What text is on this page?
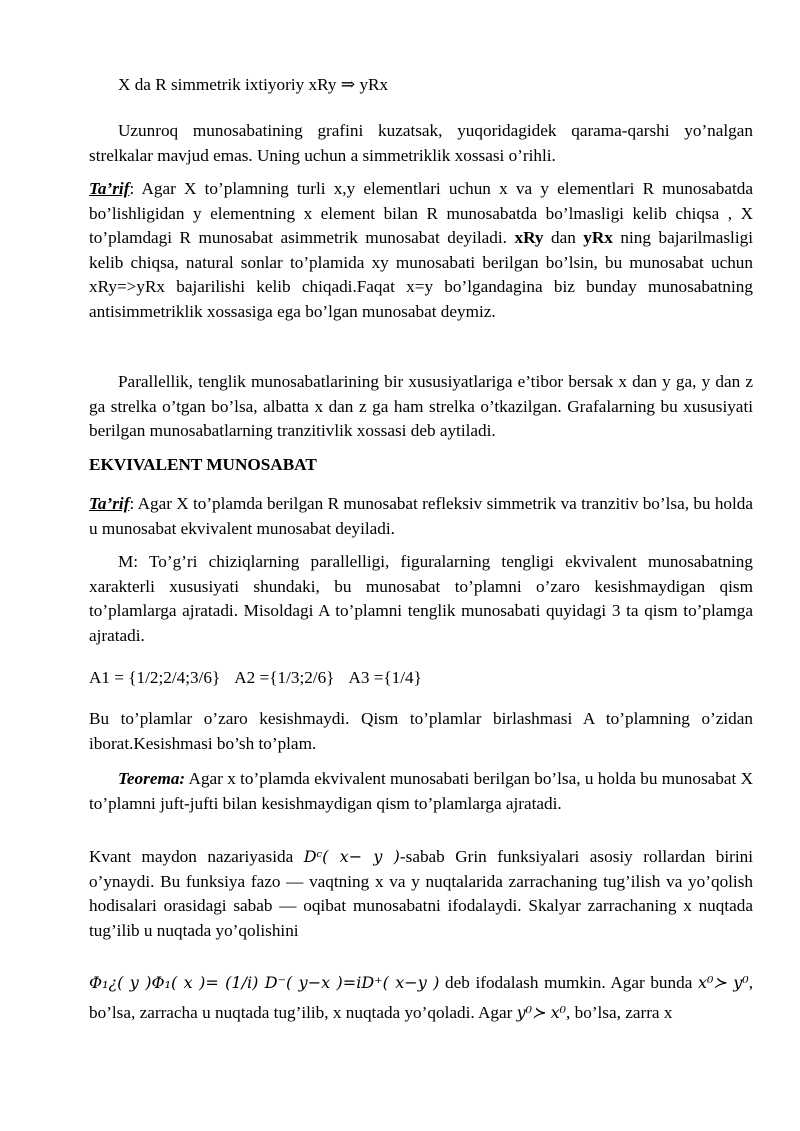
X da R simmetrik ixtiyoriy xRy ⇒ yRx

Uzunroq munosabatining grafini kuzatsak, yuqoridagidek qarama-qarshi yo’nalgan strelkalar mavjud emas. Uning uchun a simmetriklik xossasi o’rihli.

Ta’rif: Agar X to’plamning turli x,y elementlari uchun x va y elementlari R munosabatda bo’lishligidan y elementning x element bilan R munosabatda bo’lmasligi kelib chiqsa , X to’plamdagi R munosabat asimmetrik munosabat deyiladi. xRy dan yRx ning bajarilmasligi kelib chiqsa, natural sonlar to’plamida xy munosabati berilgan bo’lsin, bu munosabat uchun xRy=>yRx bajarilishi kelib chiqadi.Faqat x=y bo’lgandagina biz bunday munosabatning antisimmetriklik xossasiga ega bo’lgan munosabat deymiz.

Parallellik, tenglik munosabatlarining bir xususiyatlariga e’tibor bersak x dan y ga, y dan z ga strelka o’tgan bo’lsa, albatta x dan z ga ham strelka o’tkazilgan. Grafalarning bu xususiyati berilgan munosabatlarning tranzitivlik xossasi deb aytiladi.

EKVIVALENT MUNOSABAT

Ta’rif: Agar X to’plamda berilgan R munosabat refleksiv simmetrik va tranzitiv bo’lsa, bu holda u munosabat ekvivalent munosabat deyiladi.

M: To’g’ri chiziqlarning parallelligi, figuralarning tengligi ekvivalent munosabatning xarakterli xususiyati shundaki, bu munosabat to’plamni o’zaro kesishmaydigan qism to’plamlarga ajratadi. Misoldagi A to’plamni tenglik munosabati quyidagi 3 ta qism to’plamga ajratadi.

A1 = {1/2;2/4;3/6} A2 ={1/3;2/6} A3 ={1/4}

Bu to’plamlar o’zaro kesishmaydi. Qism to’plamlar birlashmasi A to’plamning o’zidan iborat.Kesishmasi bo’sh to’plam.

Teorema: Agar x to’plamda ekvivalent munosabati berilgan bo’lsa, u holda bu munosabat X to’plamni juft-jufti bilan kesishmaydigan qism to’plamlarga ajratadi.

Kvant maydon nazariyasida Dᶜ( x− y )-sabab Grin funksiyalari asosiy rollardan birini o’ynaydi. Bu funksiya fazo — vaqtning x va y nuqtalarida zarrachaning tug’ilish va yo’qolish hodisalari orasidagi sabab — oqibat munosabatni ifodalaydi. Skalyar zarrachaning x nuqtada tug’ilib u nuqtada yo’qolishini

Φ₁¿( y )Φ₁( x )= (1/i) D⁻( y−x )=iD⁺( x−y ) deb ifodalash mumkin. Agar bunda x⁰≻ y⁰, bo’lsa, zarracha u nuqtada tug’ilib, x nuqtada yo’qoladi. Agar y⁰≻ x⁰, bo’lsa, zarra x
